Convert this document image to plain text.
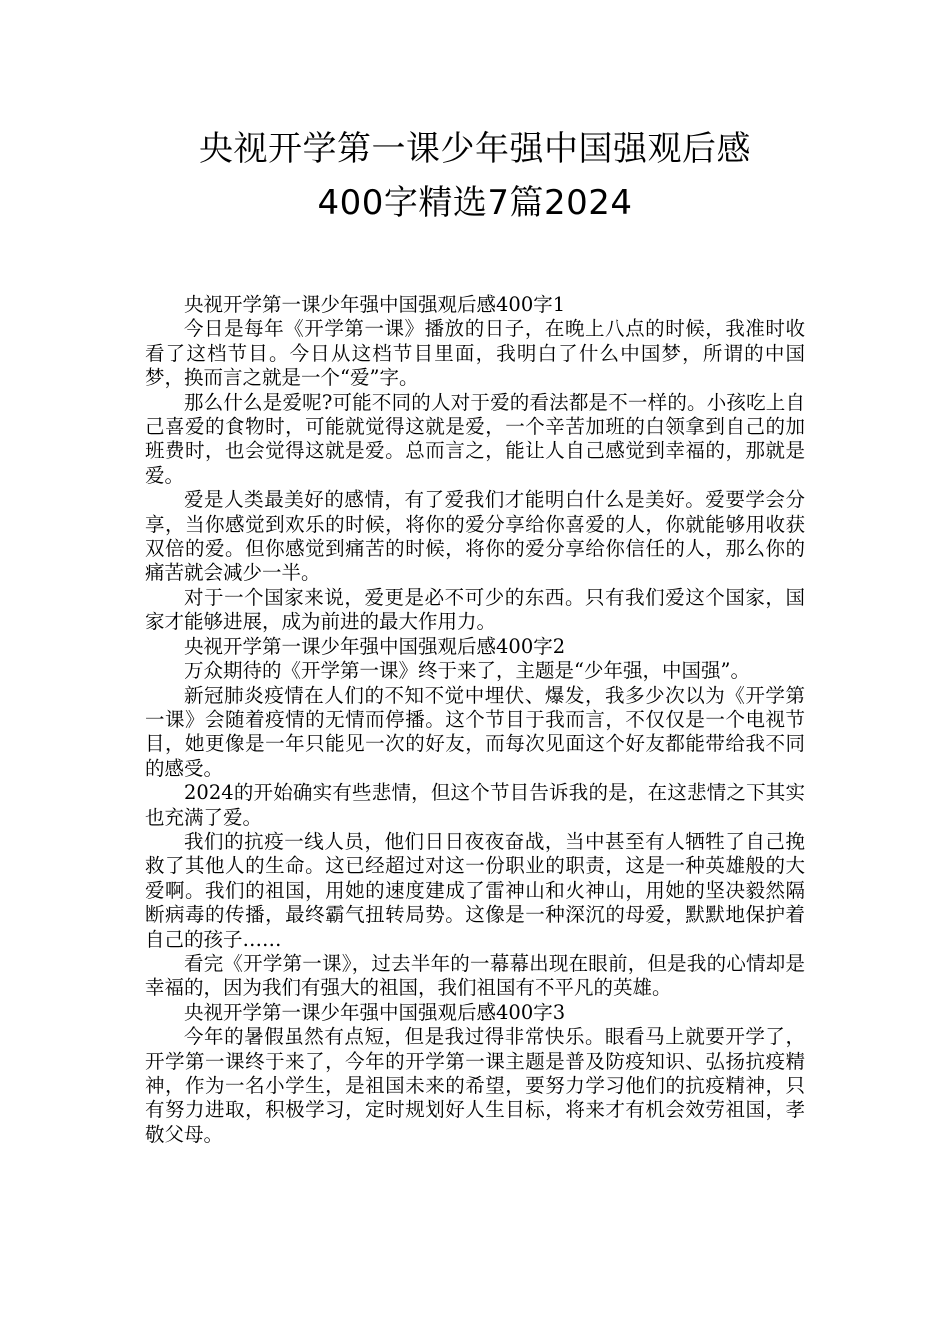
央视开学第一课少年强中国强观后感
400字精选7篇2024

央视开学第一课少年强中国强观后感400字1

今日是每年《开学第一课》播放的日子，在晚上八点的时候，我准时收看了这档节目。今日从这档节目里面，我明白了什么中国梦，所谓的中国梦，换而言之就是一个“爱”字。

那么什么是爱呢?可能不同的人对于爱的看法都是不一样的。小孩吃上自己喜爱的食物时，可能就觉得这就是爱，一个辛苦加班的白领拿到自己的加班费时，也会觉得这就是爱。总而言之，能让人自己感觉到幸福的，那就是爱。

爱是人类最美好的感情，有了爱我们才能明白什么是美好。爱要学会分享，当你感觉到欢乐的时候，将你的爱分享给你喜爱的人，你就能够用收获双倍的爱。但你感觉到痛苦的时候，将你的爱分享给你信任的人，那么你的痛苦就会减少一半。

对于一个国家来说，爱更是必不可少的东西。只有我们爱这个国家，国家才能够进展，成为前进的最大作用力。

央视开学第一课少年强中国强观后感400字2

万众期待的《开学第一课》终于来了，主题是“少年强，中国强”。

新冠肺炎疫情在人们的不知不觉中埋伏、爆发，我多少次以为《开学第一课》会随着疫情的无情而停播。这个节目于我而言，不仅仅是一个电视节目，她更像是一年只能见一次的好友，而每次见面这个好友都能带给我不同的感受。

2024的开始确实有些悲情，但这个节目告诉我的是，在这悲情之下其实也充满了爱。

我们的抗疫一线人员，他们日日夜夜奋战，当中甚至有人牺牲了自己挽救了其他人的生命。这已经超过对这一份职业的职责，这是一种英雄般的大爱啊。我们的祖国，用她的速度建成了雷神山和火神山，用她的坚决毅然隔断病毒的传播，最终霸气扭转局势。这像是一种深沉的母爱，默默地保护着自己的孩子……

看完《开学第一课》，过去半年的一幕幕出现在眼前，但是我的心情却是幸福的，因为我们有强大的祖国，我们祖国有不平凡的英雄。

央视开学第一课少年强中国强观后感400字3

今年的暑假虽然有点短，但是我过得非常快乐。眼看马上就要开学了，开学第一课终于来了，今年的开学第一课主题是普及防疫知识、弘扬抗疫精神，作为一名小学生，是祖国未来的希望，要努力学习他们的抗疫精神，只有努力进取，积极学习，定时规划好人生目标，将来才有机会效劳祖国，孝敬父母。
